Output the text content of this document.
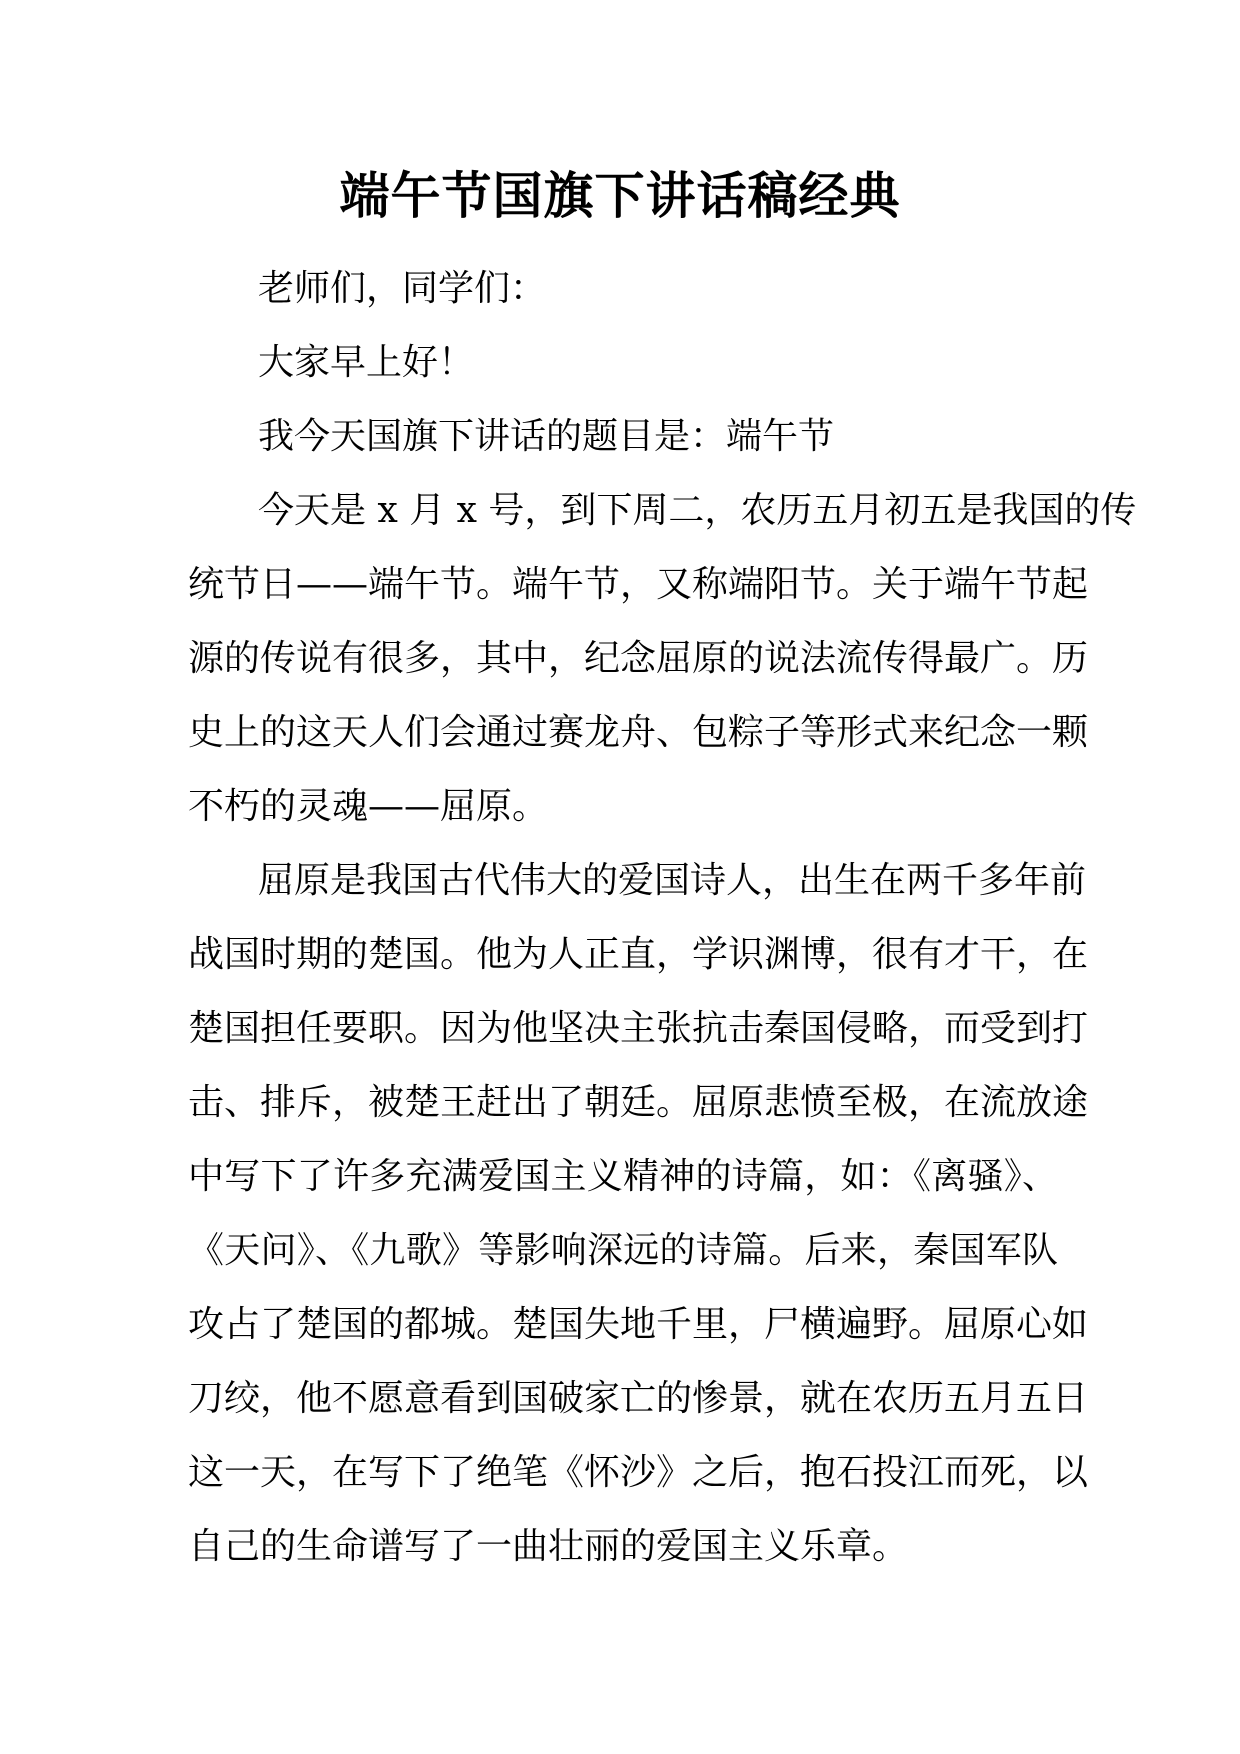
端午节国旗下讲话稿经典
老师们，同学们：
大家早上好！
我今天国旗下讲话的题目是：端午节
今天是 x 月 x 号，到下周二，农历五月初五是我国的传
统节日——端午节。端午节，又称端阳节。关于端午节起
源的传说有很多，其中，纪念屈原的说法流传得最广。历
史上的这天人们会通过赛龙舟、包粽子等形式来纪念一颗
不朽的灵魂——屈原。
屈原是我国古代伟大的爱国诗人，出生在两千多年前
战国时期的楚国。他为人正直，学识渊博，很有才干，在
楚国担任要职。因为他坚决主张抗击秦国侵略，而受到打
击、排斥，被楚王赶出了朝廷。屈原悲愤至极，在流放途
中写下了许多充满爱国主义精神的诗篇，如：《离骚》、
《天问》、《九歌》等影响深远的诗篇。后来，秦国军队
攻占了楚国的都城。楚国失地千里，尸横遍野。屈原心如
刀绞，他不愿意看到国破家亡的惨景，就在农历五月五日
这一天，在写下了绝笔《怀沙》之后，抱石投江而死，以
自己的生命谱写了一曲壮丽的爱国主义乐章。
